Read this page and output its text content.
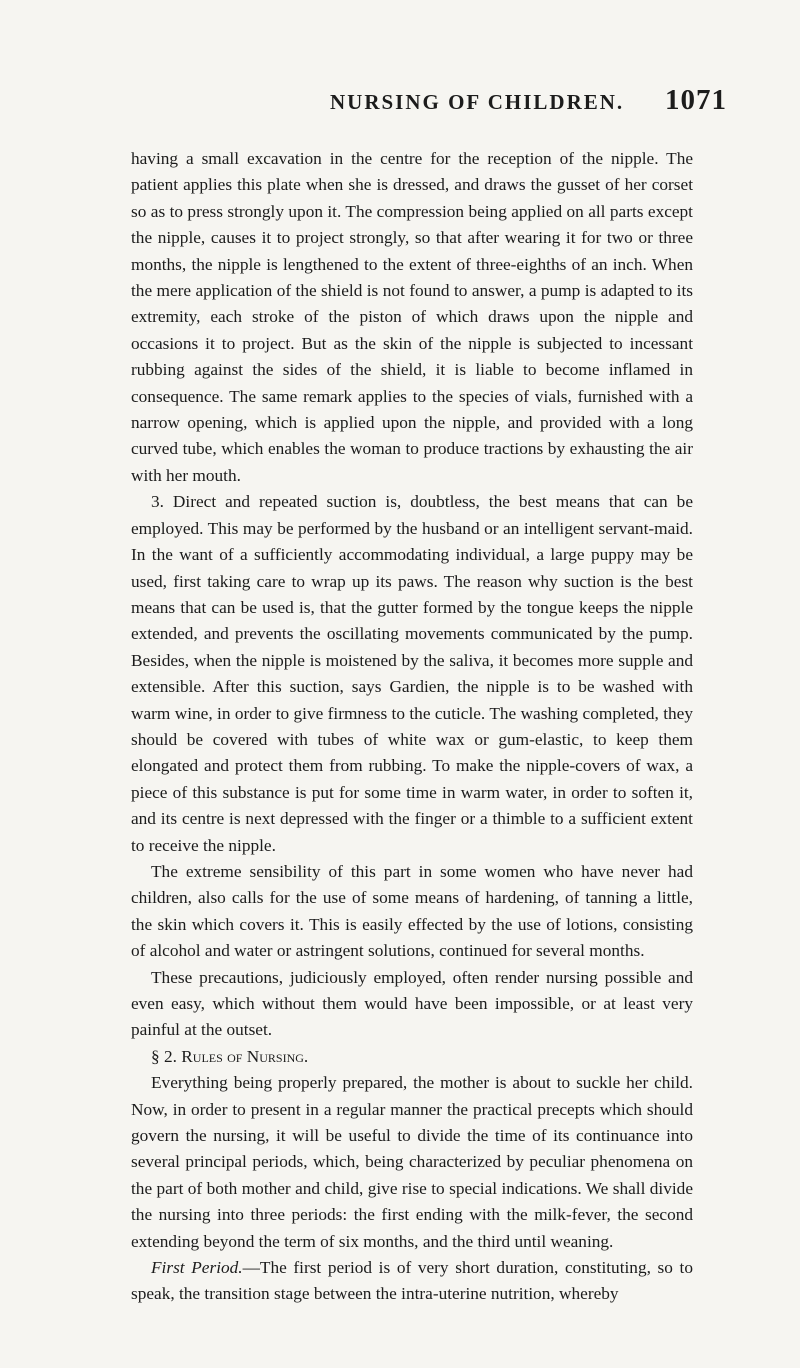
NURSING OF CHILDREN. 1071

having a small excavation in the centre for the reception of the nipple. The patient applies this plate when she is dressed, and draws the gusset of her corset so as to press strongly upon it. The compression being applied on all parts except the nipple, causes it to project strongly, so that after wearing it for two or three months, the nipple is lengthened to the extent of three-eighths of an inch. When the mere application of the shield is not found to answer, a pump is adapted to its extremity, each stroke of the piston of which draws upon the nipple and occasions it to project. But as the skin of the nipple is subjected to incessant rubbing against the sides of the shield, it is liable to become inflamed in consequence. The same remark applies to the species of vials, furnished with a narrow opening, which is applied upon the nipple, and provided with a long curved tube, which enables the woman to produce tractions by exhausting the air with her mouth.

3. Direct and repeated suction is, doubtless, the best means that can be employed. This may be performed by the husband or an intelligent servant-maid. In the want of a sufficiently accommodating individual, a large puppy may be used, first taking care to wrap up its paws. The reason why suction is the best means that can be used is, that the gutter formed by the tongue keeps the nipple extended, and prevents the oscillating movements communicated by the pump. Besides, when the nipple is moistened by the saliva, it becomes more supple and extensible. After this suction, says Gardien, the nipple is to be washed with warm wine, in order to give firmness to the cuticle. The washing completed, they should be covered with tubes of white wax or gum-elastic, to keep them elongated and protect them from rubbing. To make the nipple-covers of wax, a piece of this substance is put for some time in warm water, in order to soften it, and its centre is next depressed with the finger or a thimble to a sufficient extent to receive the nipple.

The extreme sensibility of this part in some women who have never had children, also calls for the use of some means of hardening, of tanning a little, the skin which covers it. This is easily effected by the use of lotions, consisting of alcohol and water or astringent solutions, continued for several months.

These precautions, judiciously employed, often render nursing possible and even easy, which without them would have been impossible, or at least very painful at the outset.

§ 2. Rules of Nursing.

Everything being properly prepared, the mother is about to suckle her child. Now, in order to present in a regular manner the practical precepts which should govern the nursing, it will be useful to divide the time of its continuance into several principal periods, which, being characterized by peculiar phenomena on the part of both mother and child, give rise to special indications. We shall divide the nursing into three periods: the first ending with the milk-fever, the second extending beyond the term of six months, and the third until weaning.

First Period.—The first period is of very short duration, constituting, so to speak, the transition stage between the intra-uterine nutrition, whereby
